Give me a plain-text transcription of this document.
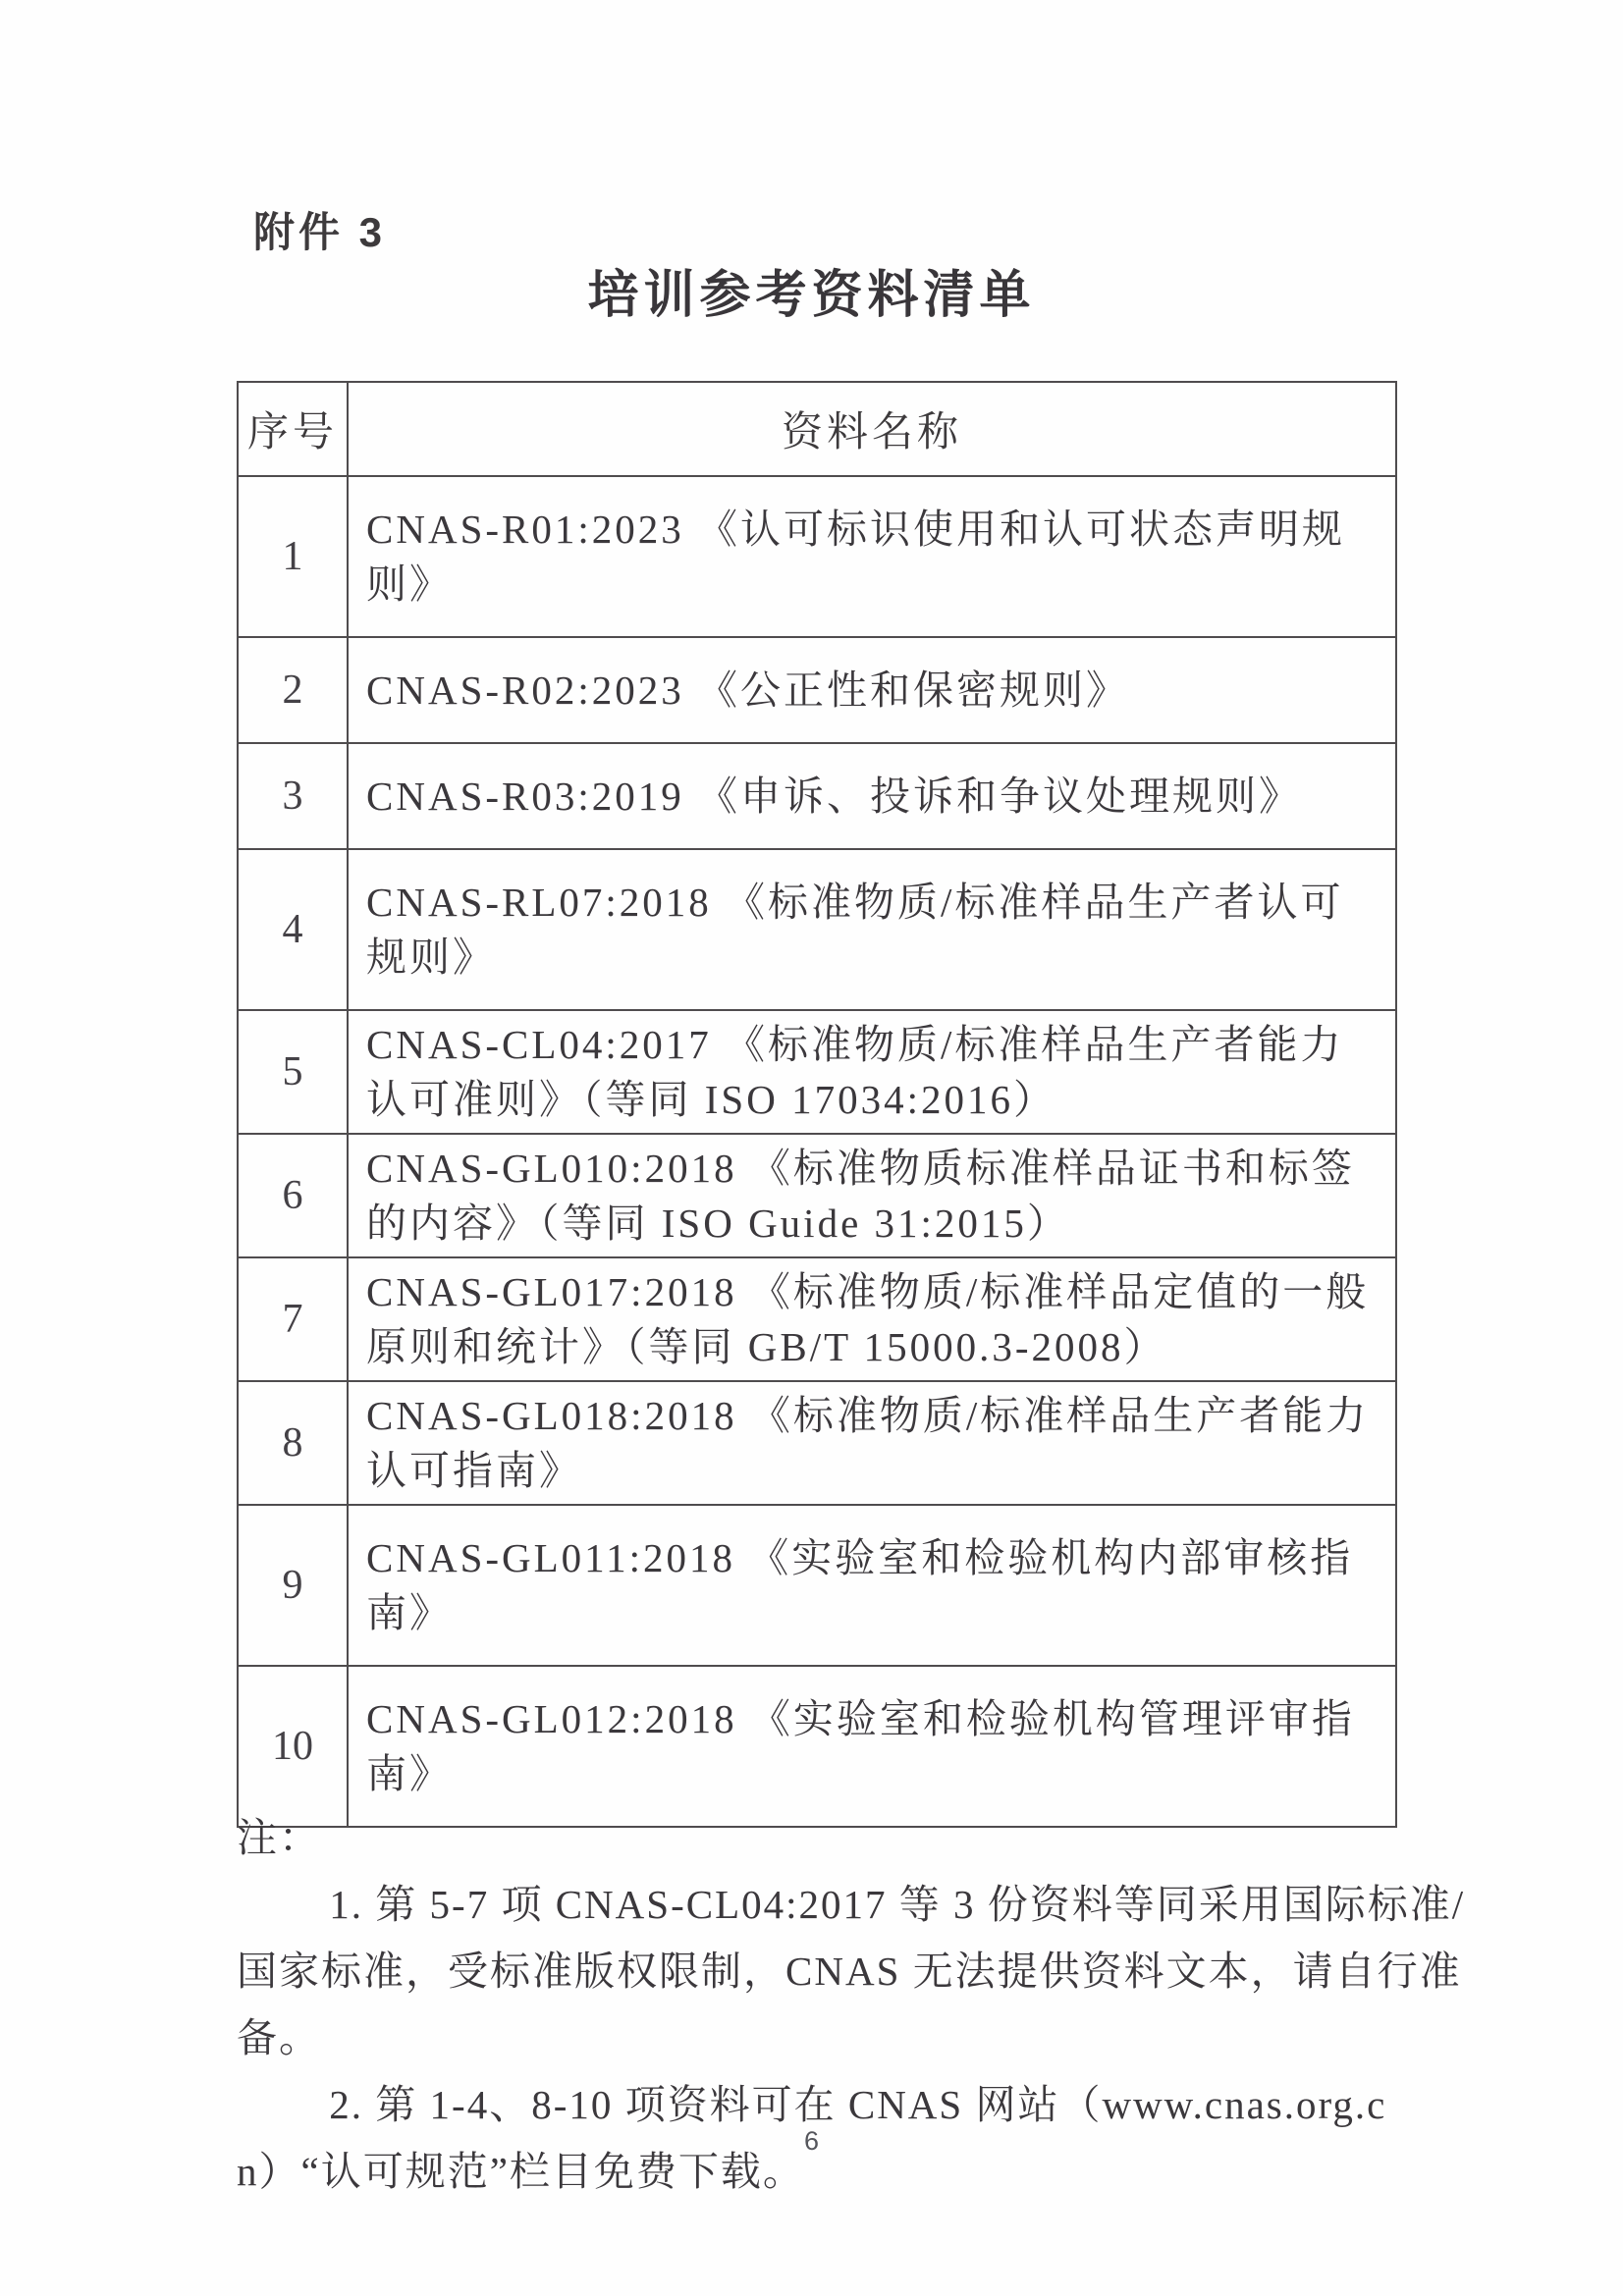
附件 3
培训参考资料清单
序号	资料名称
1	CNAS-R01:2023 《认可标识使用和认可状态声明规则》
2	CNAS-R02:2023 《公正性和保密规则》
3	CNAS-R03:2019 《申诉、投诉和争议处理规则》
4	CNAS-RL07:2018 《标准物质/标准样品生产者认可规则》
5	CNAS-CL04:2017 《标准物质/标准样品生产者能力认可准则》（等同 ISO 17034:2016）
6	CNAS-GL010:2018 《标准物质标准样品证书和标签的内容》（等同 ISO Guide 31:2015）
7	CNAS-GL017:2018 《标准物质/标准样品定值的一般原则和统计》（等同 GB/T 15000.3-2008）
8	CNAS-GL018:2018 《标准物质/标准样品生产者能力认可指南》
9	CNAS-GL011:2018 《实验室和检验机构内部审核指南》
10	CNAS-GL012:2018 《实验室和检验机构管理评审指南》

注：

1. 第 5-7 项 CNAS-CL04:2017 等 3 份资料等同采用国际标准/国家标准，受标准版权限制，CNAS 无法提供资料文本，请自行准备。

2. 第 1-4、8-10 项资料可在 CNAS 网站（www.cnas.org.cn）“认可规范”栏目免费下载。

6
